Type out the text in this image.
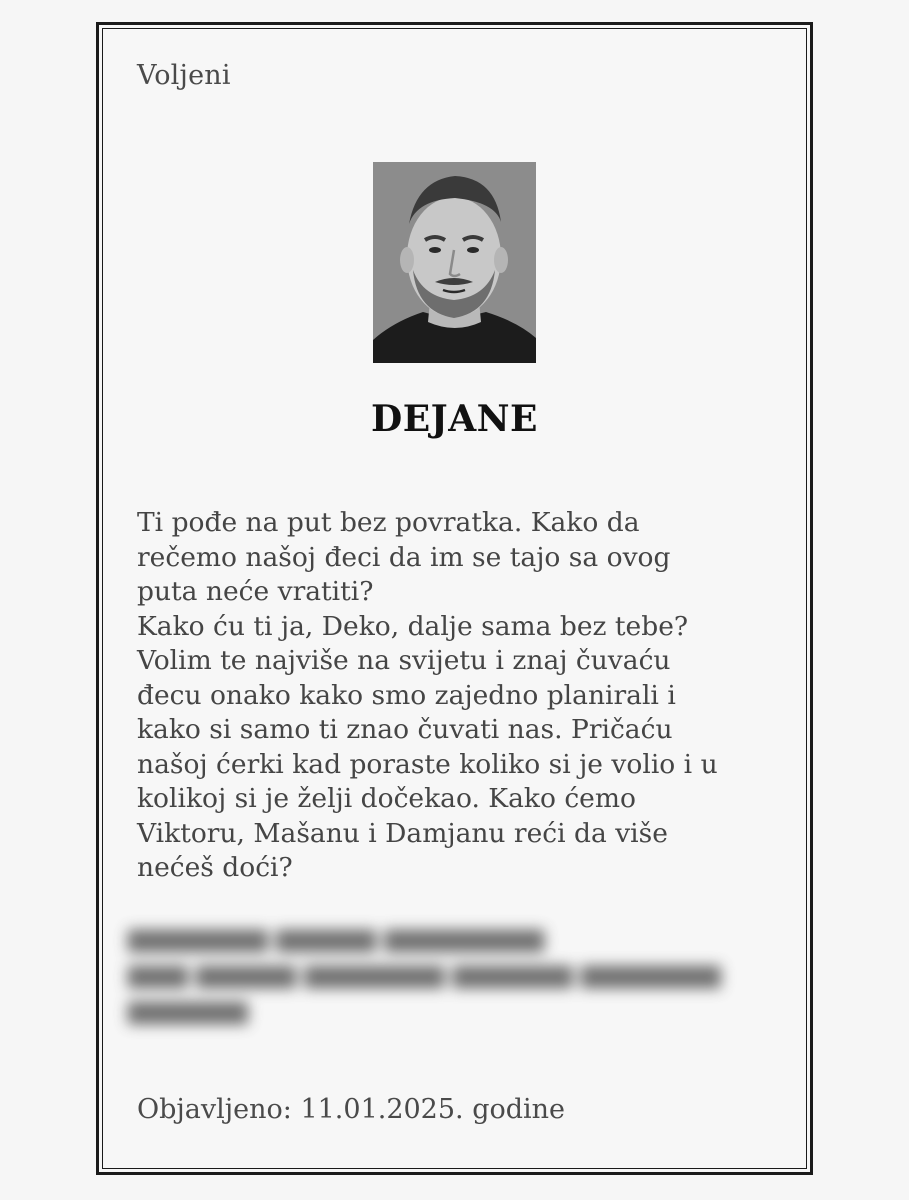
Voljeni
DEJANE

Ti pođe na put bez povratka. Kako da
rečemo našoj đeci da im se tajo sa ovog
puta neće vratiti?
Kako ću ti ja, Deko, dalje sama bez tebe?
Volim te najviše na svijetu i znaj čuvaću
đecu onako kako smo zajedno planirali i
kako si samo ti znao čuvati nas. Pričaću
našoj ćerki kad poraste koliko si je volio i u
kolikoj si je želji dočekao. Kako ćemo
Viktoru, Mašanu i Damjanu reći da više
nećeš doći?

▆▆▆▆▆▆▆ ▆▆▆▆▆ ▆▆▆▆▆▆▆▆
▆▆▆ ▆▆▆▆▆ ▆▆▆▆▆▆▆ ▆▆▆▆▆▆ ▆▆▆▆▆▆▆
▆▆▆▆▆▆
Objavljeno: 11.01.2025. godine
